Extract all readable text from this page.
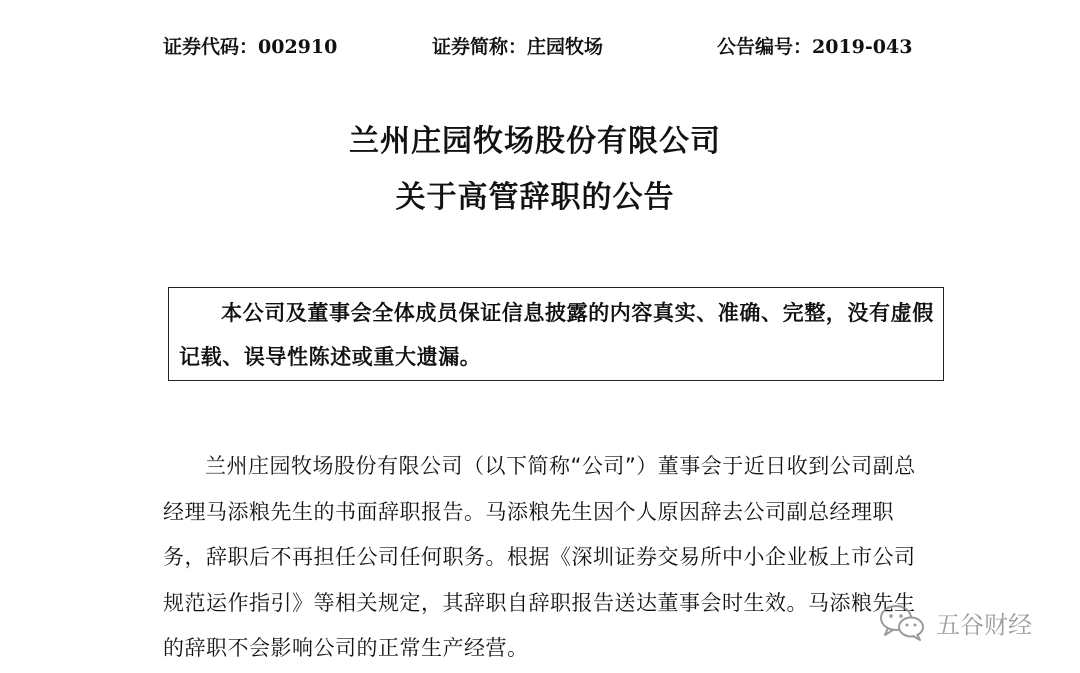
证券代码：002910	证券简称：庄园牧场	公告编号：2019-043
兰州庄园牧场股份有限公司
关于高管辞职的公告
本公司及董事会全体成员保证信息披露的内容真实、准确、完整，没有虚假记载、误导性陈述或重大遗漏。

兰州庄园牧场股份有限公司（以下简称“公司”）董事会于近日收到公司副总经理马添粮先生的书面辞职报告。马添粮先生因个人原因辞去公司副总经理职务，辞职后不再担任公司任何职务。根据《深圳证券交易所中小企业板上市公司规范运作指引》等相关规定，其辞职自辞职报告送达董事会时生效。马添粮先生的辞职不会影响公司的正常生产经营。

五谷财经
